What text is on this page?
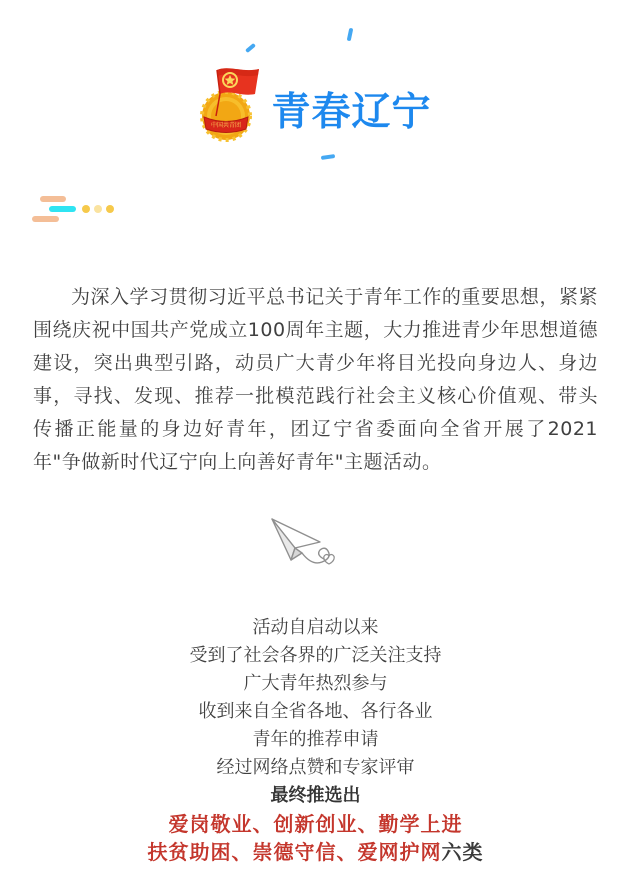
中国共青团 青春辽宁

为深入学习贯彻习近平总书记关于青年工作的重要思想，紧紧围绕庆祝中国共产党成立100周年主题，大力推进青少年思想道德建设，突出典型引路，动员广大青少年将目光投向身边人、身边事，寻找、发现、推荐一批模范践行社会主义核心价值观、带头传播正能量的身边好青年，团辽宁省委面向全省开展了2021年"争做新时代辽宁向上向善好青年"主题活动。

活动自启动以来
受到了社会各界的广泛关注支持
广大青年热烈参与
收到来自全省各地、各行各业
青年的推荐申请
经过网络点赞和专家评审
最终推选出
爱岗敬业、创新创业、勤学上进
扶贫助困、崇德守信、爱网护网六类
